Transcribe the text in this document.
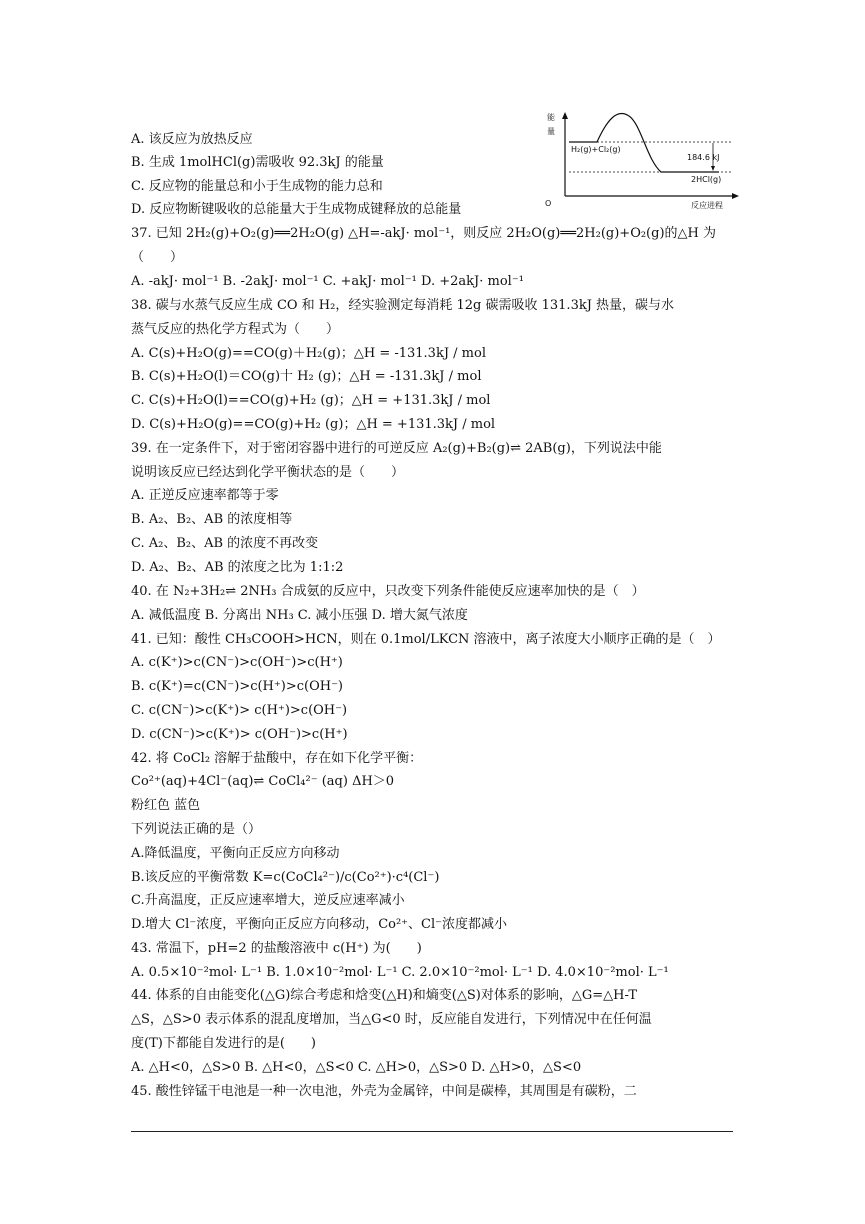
A. 该反应为放热反应
B. 生成 1molHCl(g)需吸收 92.3kJ 的能量
C. 反应物的能量总和小于生成物的能力总和
D. 反应物断键吸收的总能量大于生成物成键释放的总能量
37. 已知 2H₂(g)+O₂(g)══2H₂O(g) △H=-akJ· mol⁻¹，则反应 2H₂O(g)══2H₂(g)+O₂(g)的△H 为
（　　）
A. -akJ· mol⁻¹ B. -2akJ· mol⁻¹ C. +akJ· mol⁻¹ D. +2akJ· mol⁻¹
38. 碳与水蒸气反应生成 CO 和 H₂，经实验测定每消耗 12g 碳需吸收 131.3kJ 热量，碳与水
蒸气反应的热化学方程式为（　　）
A. C(s)+H₂O(g)==CO(g)＋H₂(g)；△H = -131.3kJ / mol
B. C(s)+H₂O(l)＝CO(g)十 H₂ (g)；△H = -131.3kJ / mol
C. C(s)+H₂O(l)==CO(g)+H₂ (g)；△H = +131.3kJ / mol
D. C(s)+H₂O(g)==CO(g)+H₂ (g)；△H = +131.3kJ / mol
39. 在一定条件下，对于密闭容器中进行的可逆反应 A₂(g)+B₂(g)⇌ 2AB(g)，下列说法中能
说明该反应已经达到化学平衡状态的是（　　）
A. 正逆反应速率都等于零
B. A₂、B₂、AB 的浓度相等
C. A₂、B₂、AB 的浓度不再改变
D. A₂、B₂、AB 的浓度之比为 1:1:2
40. 在 N₂+3H₂⇌ 2NH₃ 合成氨的反应中，只改变下列条件能使反应速率加快的是（　）
A. 减低温度 B. 分离出 NH₃ C. 减小压强 D. 增大氮气浓度
41. 已知：酸性 CH₃COOH>HCN，则在 0.1mol/LKCN 溶液中，离子浓度大小顺序正确的是（　）
A. c(K⁺)>c(CN⁻)>c(OH⁻)>c(H⁺)
B. c(K⁺)=c(CN⁻)>c(H⁺)>c(OH⁻)
C. c(CN⁻)>c(K⁺)> c(H⁺)>c(OH⁻)
D. c(CN⁻)>c(K⁺)> c(OH⁻)>c(H⁺)
42. 将 CoCl₂ 溶解于盐酸中，存在如下化学平衡：
Co²⁺(aq)+4Cl⁻(aq)⇌ CoCl₄²⁻ (aq) ΔH＞0
粉红色 蓝色
下列说法正确的是（）
A.降低温度，平衡向正反应方向移动
B.该反应的平衡常数 K=c(CoCl₄²⁻)/c(Co²⁺)·c⁴(Cl⁻)
C.升高温度，正反应速率增大，逆反应速率减小
D.增大 Cl⁻浓度，平衡向正反应方向移动，Co²⁺、Cl⁻浓度都减小
43. 常温下，pH=2 的盐酸溶液中 c(H⁺) 为(　　)
A. 0.5×10⁻²mol· L⁻¹ B. 1.0×10⁻²mol· L⁻¹ C. 2.0×10⁻²mol· L⁻¹ D. 4.0×10⁻²mol· L⁻¹
44. 体系的自由能变化(△G)综合考虑和焓变(△H)和熵变(△S)对体系的影响，△G=△H-T
△S，△S>0 表示体系的混乱度增加，当△G<0 时，反应能自发进行，下列情况中在任何温
度(T)下都能自发进行的是(　　)
A. △H<0，△S>0 B. △H<0，△S<0 C. △H>0，△S>0 D. △H>0，△S<0
45. 酸性锌锰干电池是一种一次电池，外壳为金属锌，中间是碳棒，其周围是有碳粉，二
能
量
H₂(g)+Cl₂(g)
184.6 kJ
2HCl(g)
O	反应进程
